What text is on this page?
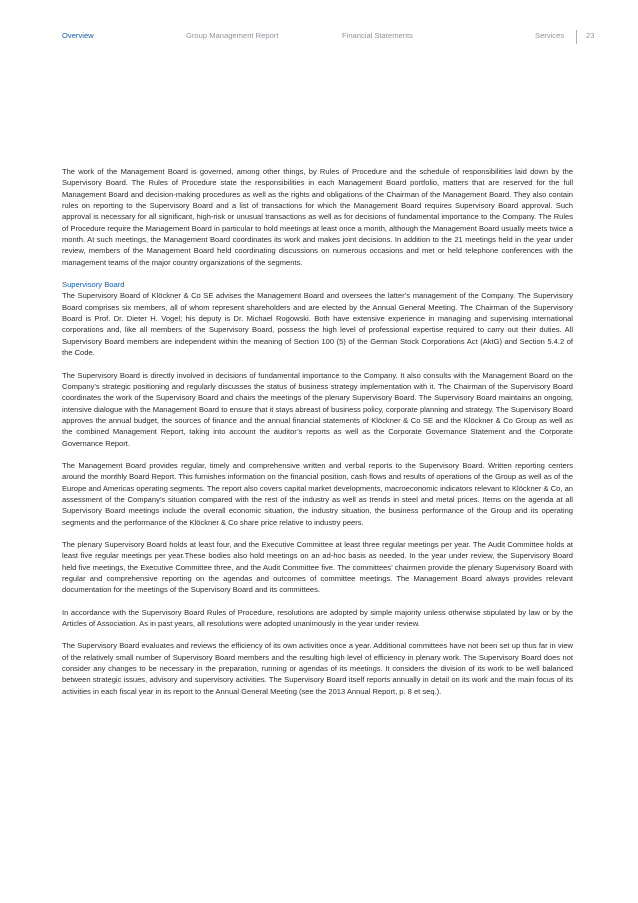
Overview	Group Management Report	Financial Statements	Services	23

The work of the Management Board is governed, among other things, by Rules of Procedure and the schedule of responsibilities laid down by the Supervisory Board. The Rules of Procedure state the responsibilities in each Management Board portfolio, matters that are reserved for the full Management Board and decision-making procedures as well as the rights and obligations of the Chairman of the Management Board. They also contain rules on reporting to the Supervisory Board and a list of transactions for which the Management Board requires Supervisory Board approval. Such approval is necessary for all significant, high-risk or unusual transactions as well as for decisions of fundamental importance to the Company. The Rules of Procedure require the Management Board in particular to hold meetings at least once a month, although the Management Board usually meets twice a month. At such meetings, the Management Board coordinates its work and makes joint decisions. In addition to the 21 meetings held in the year under review, members of the Management Board held coordinating discussions on numerous occasions and met or held telephone conferences with the management teams of the major country organizations of the segments.

Supervisory Board

The Supervisory Board of Klöckner & Co SE advises the Management Board and oversees the latter’s management of the Company. The Supervisory Board comprises six members, all of whom represent shareholders and are elected by the Annual General Meeting. The Chairman of the Supervisory Board is Prof. Dr. Dieter H. Vogel; his deputy is Dr. Michael Rogowski. Both have extensive experience in managing and supervising international corporations and, like all members of the Supervisory Board, possess the high level of professional expertise required to carry out their duties. All Supervisory Board members are independent within the meaning of Section 100 (5) of the German Stock Corporations Act (AktG) and Section 5.4.2 of the Code.

The Supervisory Board is directly involved in decisions of fundamental importance to the Company. It also consults with the Management Board on the Company’s strategic positioning and regularly discusses the status of business strategy implementation with it. The Chairman of the Supervisory Board coordinates the work of the Supervisory Board and chairs the meetings of the plenary Supervisory Board. The Supervisory Board maintains an ongoing, intensive dialogue with the Management Board to ensure that it stays abreast of business policy, corporate planning and strategy. The Supervisory Board approves the annual budget, the sources of finance and the annual financial statements of Klöckner & Co SE and the Klöckner & Co Group as well as the combined Management Report, taking into account the auditor’s reports as well as the Corporate Governance Statement and the Corporate Governance Report.

The Management Board provides regular, timely and comprehensive written and verbal reports to the Supervisory Board. Written reporting centers around the monthly Board Report. This furnishes information on the financial position, cash flows and results of operations of the Group as well as of the Europe and Americas operating segments. The report also covers capital market developments, macroeconomic indicators relevant to Klöckner & Co, an assessment of the Company’s situation compared with the rest of the industry as well as trends in steel and metal prices. Items on the agenda at all Supervisory Board meetings include the overall economic situation, the industry situation, the business performance of the Group and its operating segments and the performance of the Klöckner & Co share price relative to industry peers.

The plenary Supervisory Board holds at least four, and the Executive Committee at least three regular meetings per year. The Audit Committee holds at least five regular meetings per year.These bodies also hold meetings on an ad-hoc basis as needed. In the year under review, the Supervisory Board held five meetings, the Executive Committee three, and the Audit Committee five. The committees’ chairmen provide the plenary Supervisory Board with regular and comprehensive reporting on the agendas and outcomes of committee meetings. The Management Board always provides relevant documentation for the meetings of the Supervisory Board and its committees.

In accordance with the Supervisory Board Rules of Procedure, resolutions are adopted by simple majority unless otherwise stipulated by law or by the Articles of Association. As in past years, all resolutions were adopted unanimously in the year under review.

The Supervisory Board evaluates and reviews the efficiency of its own activities once a year. Additional committees have not been set up thus far in view of the relatively small number of Supervisory Board members and the resulting high level of efficiency in plenary work. The Supervisory Board does not consider any changes to be necessary in the preparation, running or agendas of its meetings. It considers the division of its work to be well balanced between strategic issues, advisory and supervisory activities. The Supervisory Board itself reports annually in detail on its work and the main focus of its activities in each fiscal year in its report to the Annual General Meeting (see the 2013 Annual Report, p. 8 et seq.).
